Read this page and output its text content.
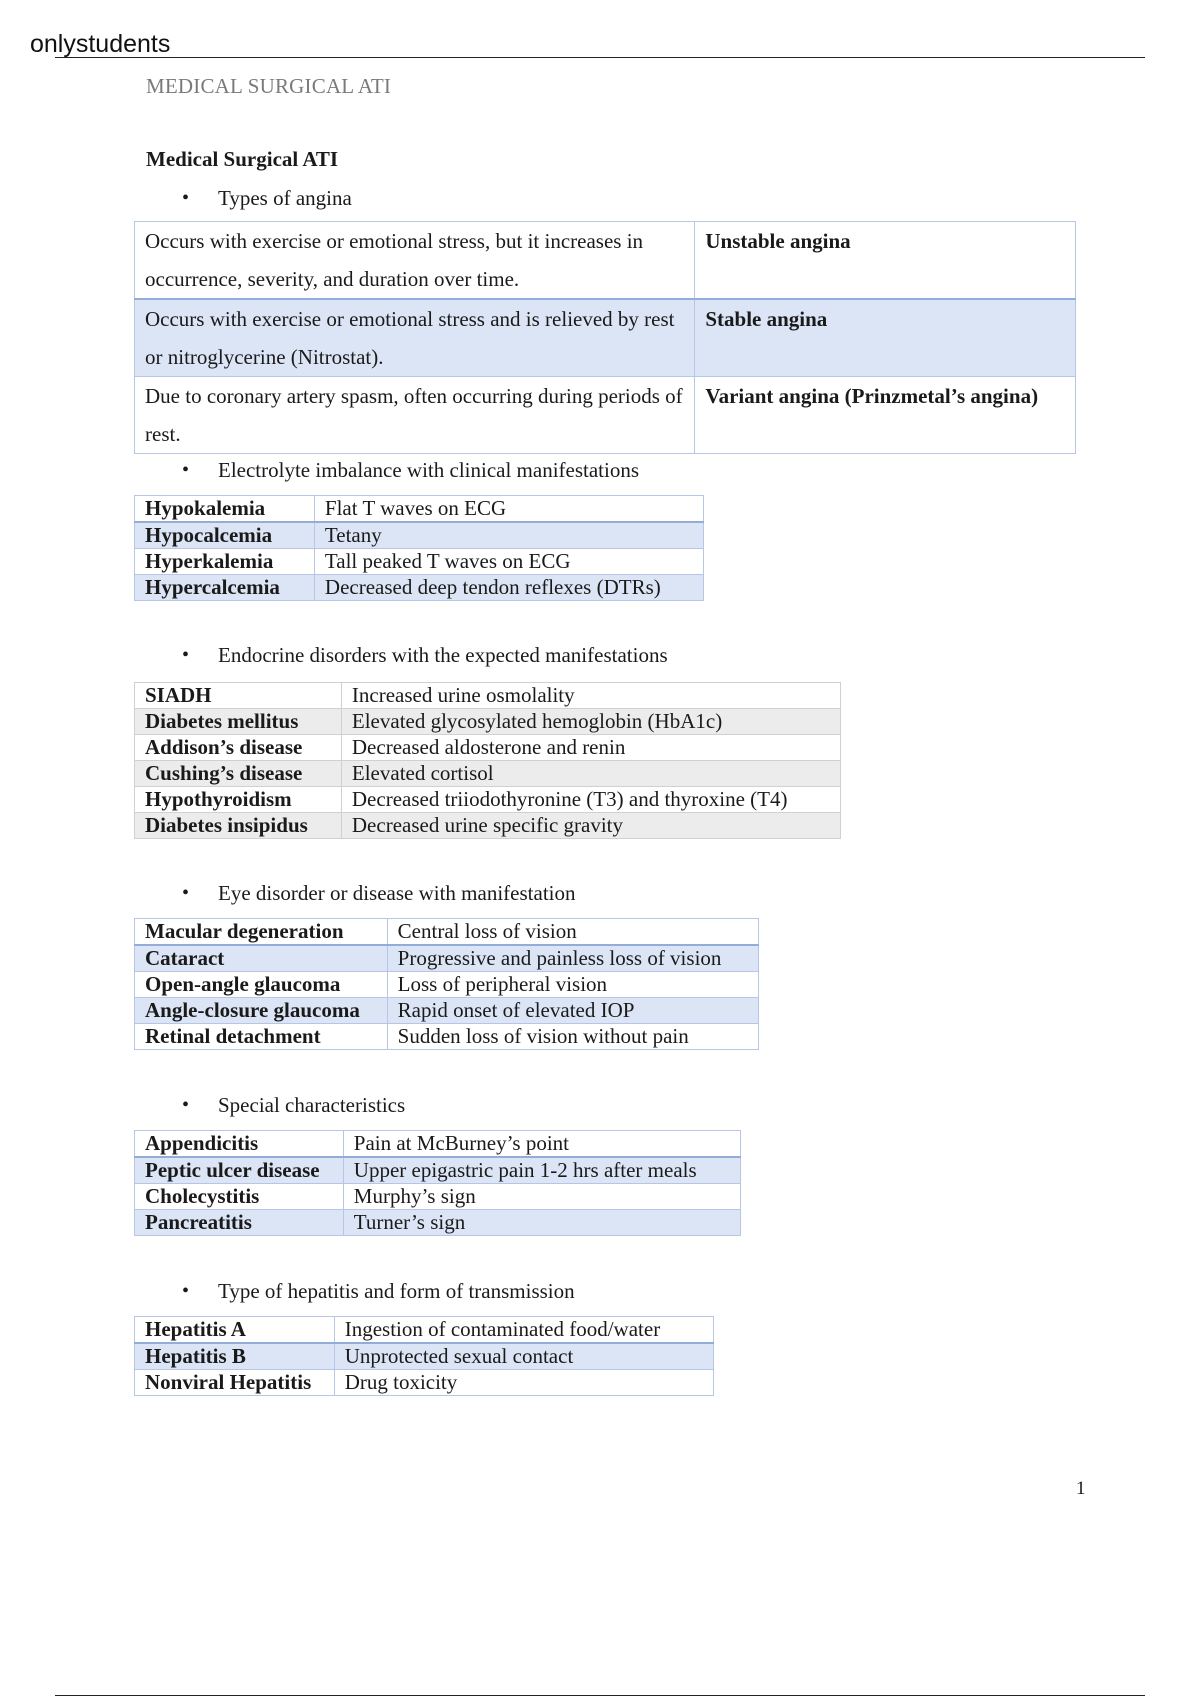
onlystudents
MEDICAL SURGICAL ATI
Medical Surgical ATI
• Types of angina
Occurs with exercise or emotional stress, but it increases in occurrence, severity, and duration over time.	Unstable angina
Occurs with exercise or emotional stress and is relieved by rest or nitroglycerine (Nitrostat).	Stable angina
Due to coronary artery spasm, often occurring during periods of rest.	Variant angina (Prinzmetal’s angina)
• Electrolyte imbalance with clinical manifestations
Hypokalemia	Flat T waves on ECG
Hypocalcemia	Tetany
Hyperkalemia	Tall peaked T waves on ECG
Hypercalcemia	Decreased deep tendon reflexes (DTRs)
• Endocrine disorders with the expected manifestations
SIADH	Increased urine osmolality
Diabetes mellitus	Elevated glycosylated hemoglobin (HbA1c)
Addison’s disease	Decreased aldosterone and renin
Cushing’s disease	Elevated cortisol
Hypothyroidism	Decreased triiodothyronine (T3) and thyroxine (T4)
Diabetes insipidus	Decreased urine specific gravity
• Eye disorder or disease with manifestation
Macular degeneration	Central loss of vision
Cataract	Progressive and painless loss of vision
Open-angle glaucoma	Loss of peripheral vision
Angle-closure glaucoma	Rapid onset of elevated IOP
Retinal detachment	Sudden loss of vision without pain
• Special characteristics
Appendicitis	Pain at McBurney’s point
Peptic ulcer disease	Upper epigastric pain 1-2 hrs after meals
Cholecystitis	Murphy’s sign
Pancreatitis	Turner’s sign
• Type of hepatitis and form of transmission
Hepatitis A	Ingestion of contaminated food/water
Hepatitis B	Unprotected sexual contact
Nonviral Hepatitis	Drug toxicity
1
